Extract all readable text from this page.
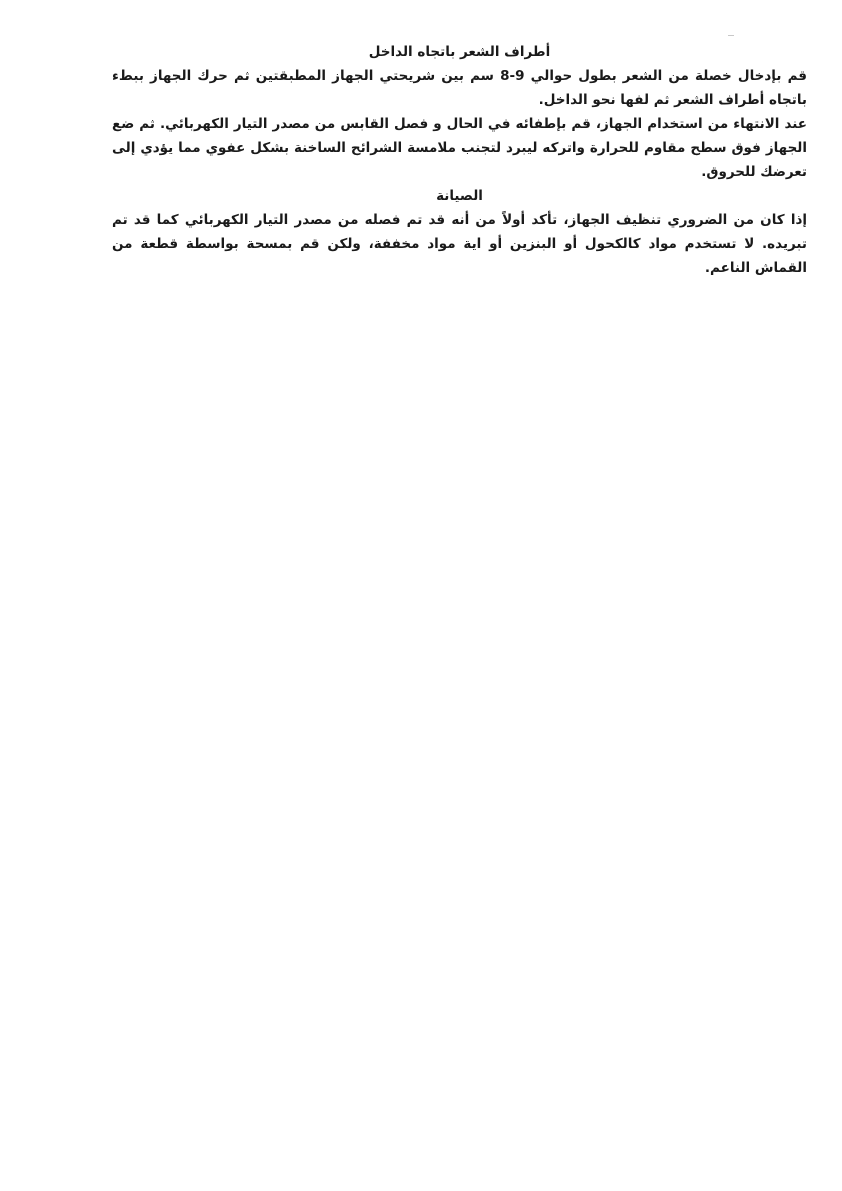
أطراف الشعر باتجاه الداخل

قم بإدخال خصلة من الشعر بطول حوالي 9-8 سم بين شريحتي الجهاز المطبقتين ثم حرك الجهاز ببطء باتجاه أطراف الشعر ثم لفها نحو الداخل.

عند الانتهاء من استخدام الجهاز، قم بإطفائه في الحال و فصل القابس من مصدر التيار الكهربائي. ثم ضع الجهاز فوق سطح مقاوم للحرارة واتركه ليبرد لتجنب ملامسة الشرائح الساخنة بشكل عفوي مما يؤدي إلى تعرضك للحروق.

الصيانة

إذا كان من الضروري تنظيف الجهاز، تأكد أولاً من أنه قد تم فصله من مصدر التيار الكهربائي كما قد تم تبريده. لا تستخدم مواد كالكحول أو البنزين أو اية مواد مخففة، ولكن قم بمسحة بواسطة قطعة من القماش الناعم.
